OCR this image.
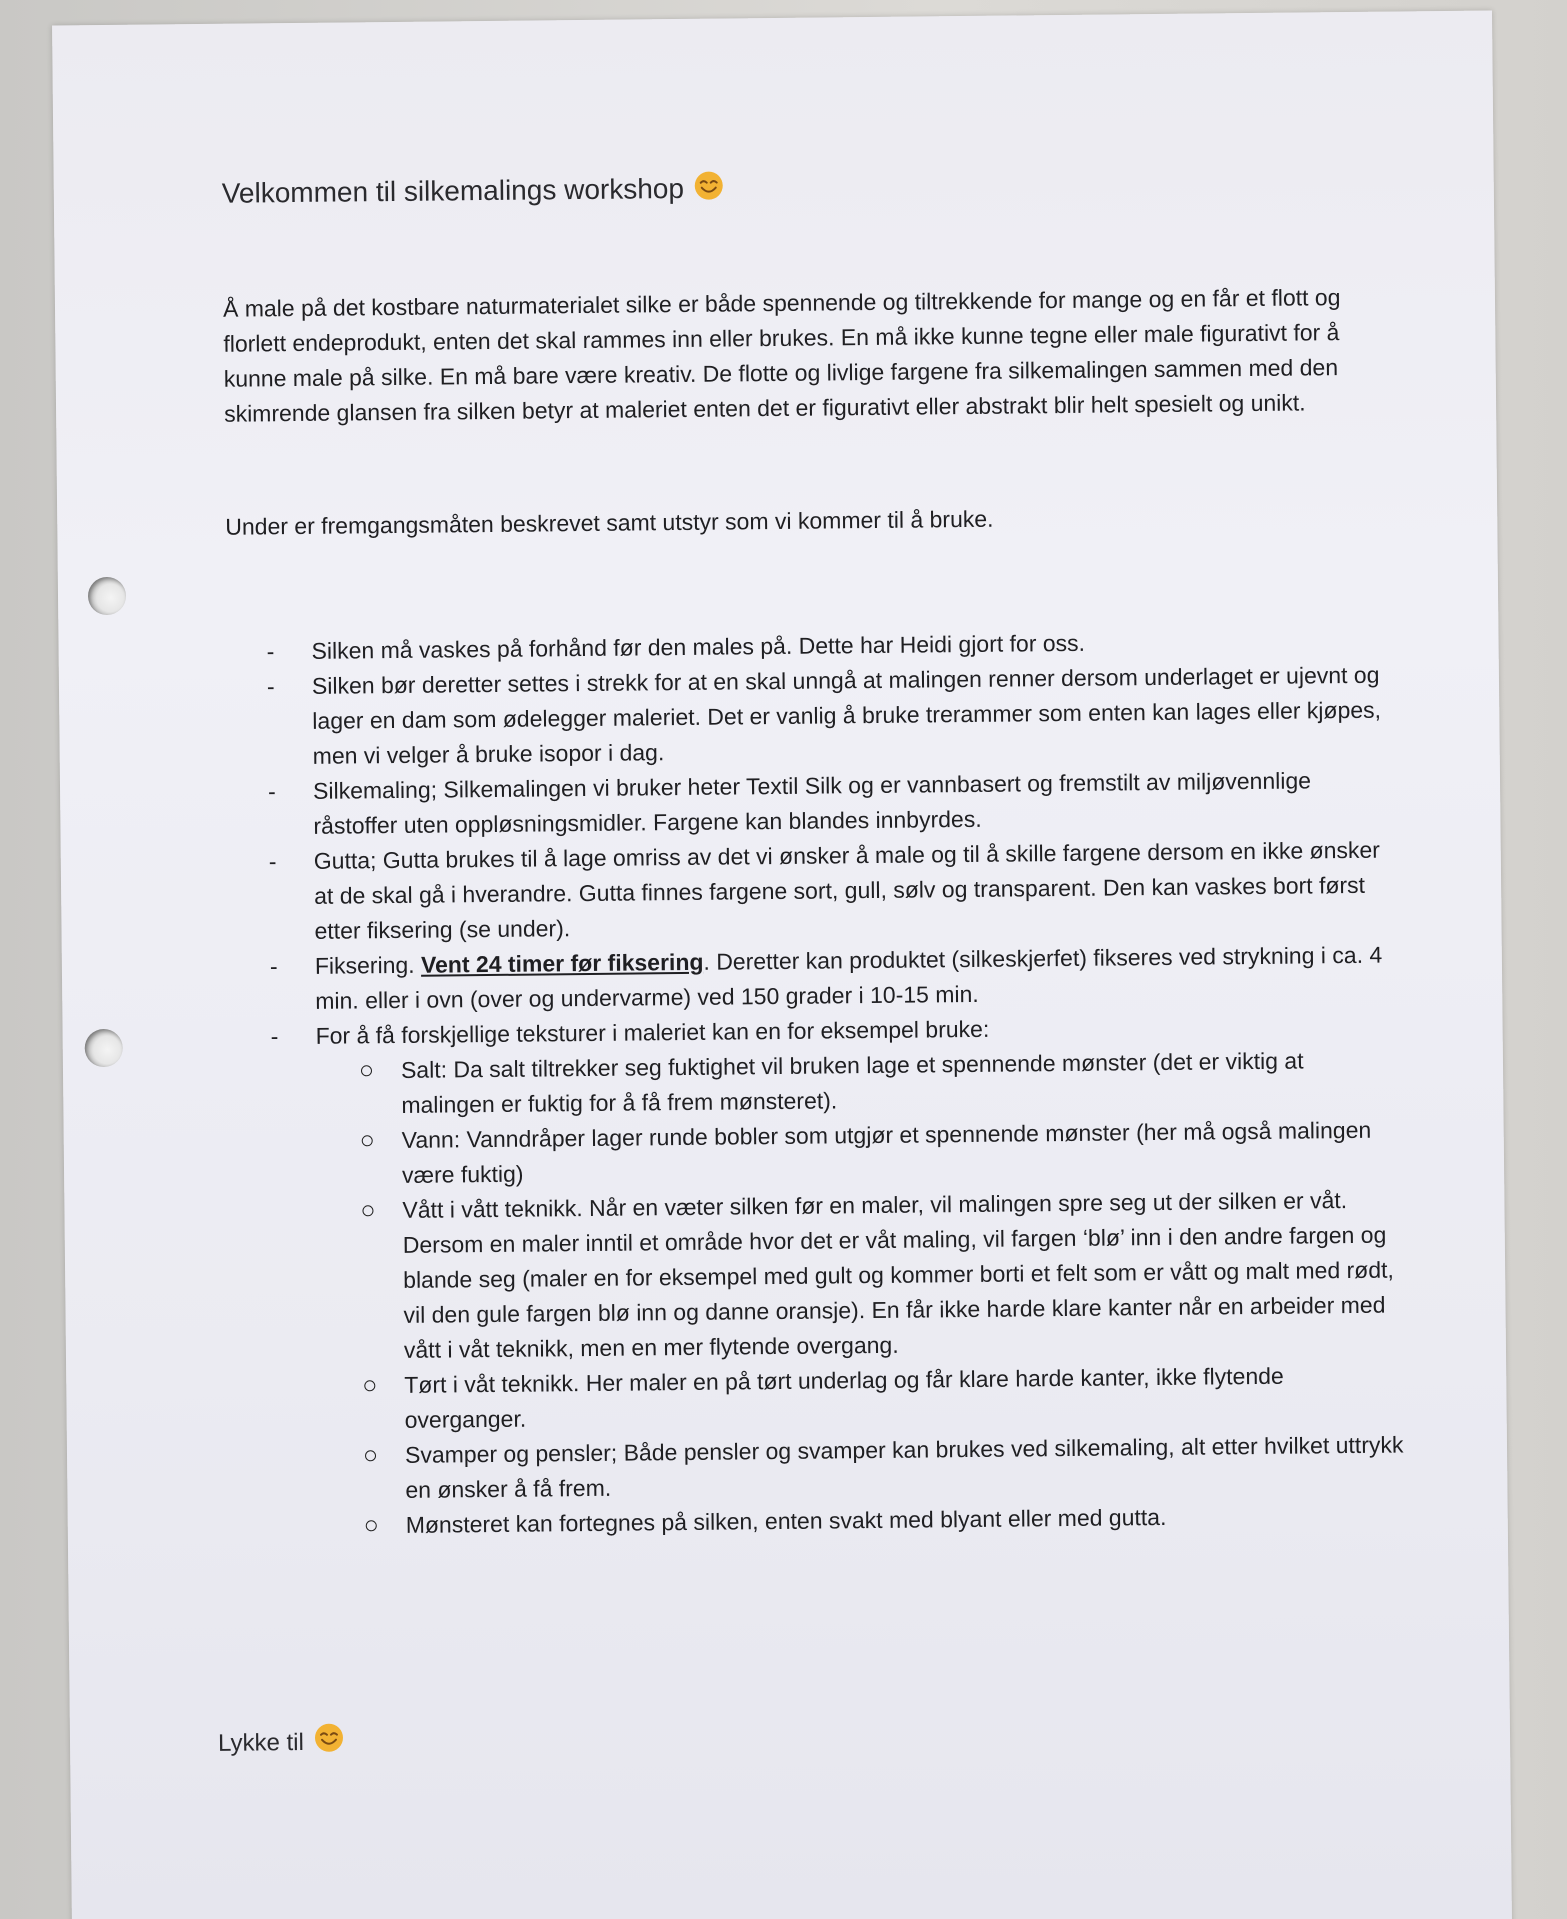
Velkommen til silkemalings workshop

Å male på det kostbare naturmaterialet silke er både spennende og tiltrekkende for mange og en får et flott og florlett endeprodukt, enten det skal rammes inn eller brukes. En må ikke kunne tegne eller male figurativt for å kunne male på silke. En må bare være kreativ. De flotte og livlige fargene fra silkemalingen sammen med den skimrende glansen fra silken betyr at maleriet enten det er figurativt eller abstrakt blir helt spesielt og unikt.

Under er fremgangsmåten beskrevet samt utstyr som vi kommer til å bruke.

- Silken må vaskes på forhånd før den males på. Dette har Heidi gjort for oss.
- Silken bør deretter settes i strekk for at en skal unngå at malingen renner dersom underlaget er ujevnt og lager en dam som ødelegger maleriet. Det er vanlig å bruke trerammer som enten kan lages eller kjøpes, men vi velger å bruke isopor i dag.
- Silkemaling; Silkemalingen vi bruker heter Textil Silk og er vannbasert og fremstilt av miljøvennlige råstoffer uten oppløsningsmidler. Fargene kan blandes innbyrdes.
- Gutta; Gutta brukes til å lage omriss av det vi ønsker å male og til å skille fargene dersom en ikke ønsker at de skal gå i hverandre. Gutta finnes fargene sort, gull, sølv og transparent. Den kan vaskes bort først etter fiksering (se under).
- Fiksering. Vent 24 timer før fiksering. Deretter kan produktet (silkeskjerfet) fikseres ved strykning i ca. 4 min. eller i ovn (over og undervarme) ved 150 grader i 10-15 min.
- For å få forskjellige teksturer i maleriet kan en for eksempel bruke:
Salt: Da salt tiltrekker seg fuktighet vil bruken lage et spennende mønster (det er viktig at malingen er fuktig for å få frem mønsteret).
Vann: Vanndråper lager runde bobler som utgjør et spennende mønster (her må også malingen være fuktig)
Vått i vått teknikk. Når en væter silken før en maler, vil malingen spre seg ut der silken er våt. Dersom en maler inntil et område hvor det er våt maling, vil fargen ‘blø’ inn i den andre fargen og blande seg (maler en for eksempel med gult og kommer borti et felt som er vått og malt med rødt, vil den gule fargen blø inn og danne oransje). En får ikke harde klare kanter når en arbeider med vått i våt teknikk, men en mer flytende overgang.
Tørt i våt teknikk. Her maler en på tørt underlag og får klare harde kanter, ikke flytende overganger.
Svamper og pensler; Både pensler og svamper kan brukes ved silkemaling, alt etter hvilket uttrykk en ønsker å få frem.
Mønsteret kan fortegnes på silken, enten svakt med blyant eller med gutta.
Lykke til
